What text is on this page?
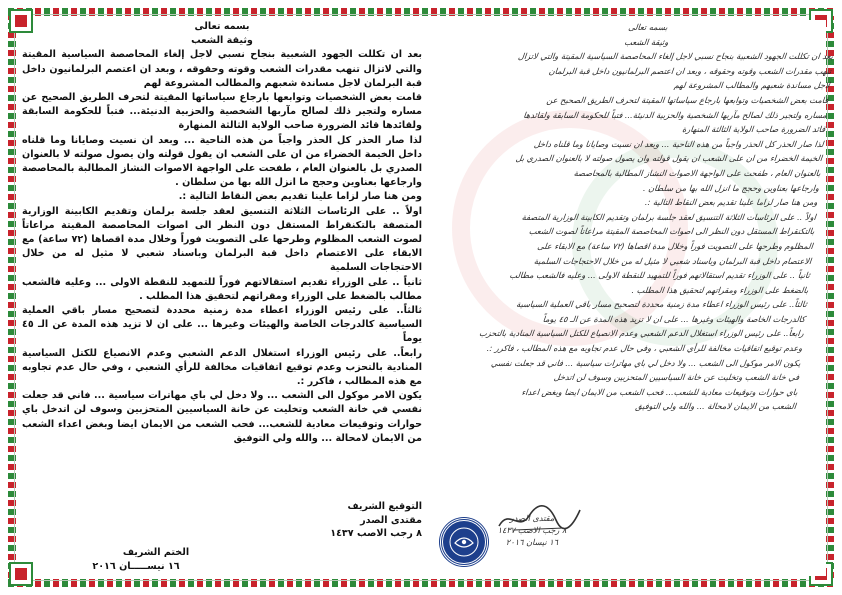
بسمه تعالى

وثيقة الشعب

بعد ان تكللت الجهود الشعبية بنجاح نسبي لاجل إلغاء المحاصصة السياسية المقيتة والتي لاتزال تنهب مقدرات الشعب وقوته وحقوقه ، وبعد ان اعتصم البرلمانيون داخل قبة البرلمان لاجل مساندة شعبهم والمطالب المشروعة لهم

قامت بعض الشخصيات وتوابعها بارجاع سياساتها المقيتة لتحرف الطريق الصحيح عن مساره ولتجير ذلك لصالح مآربها الشخصية والحزبية الدنيئة... فتباً للحكومة السابقة ولقائدها قائد الضرورة صاحب الولاية الثالثة المنهارة

لذا صار الحذر كل الحذر واجباً من هذه الناحية ... وبعد ان نسيت وصايانا وما قلناه داخل الخيمة الخضراء من ان على الشعب ان يقول قولته وان يصول صولته لا بالعنوان الصدري بل بالعنوان العام ، طفحت على الواجهة الاصوات النشاز المطالبة بالمحاصصة وارجاعها بعناوين وحجج ما انزل الله بها من سلطان .

ومن هنا صار لزاما علينا تقديم بعض النقاط التالية :.

اولاً .. على الرئاسات الثلاثة التنسيق لعقد جلسة برلمان وتقديم الكابينة الوزارية المتصفة بالتكنقراط المستقل دون النظر الى اصوات المحاصصة المقيتة مراعاتاً لصوت الشعب المظلوم وطرحها على التصويت فوراً وخلال مدة اقصاها (٧٢ ساعة) مع الابقاء على الاعتصام داخل قبة البرلمان وباسناد شعبي لا مثيل له من خلال الاحتجاجات السلمية

ثانياً .. على الوزراء تقديم استقالاتهم فوراً للتمهيد للنقطة الاولى ... وعليه فالشعب مطالب بالضغط على الوزراء ومقراتهم لتحقيق هذا المطلب .

ثالثاً.. على رئيس الوزراء اعطاء مدة زمنية محددة لتصحيح مسار باقي العملية السياسية كالدرجات الخاصة والهيئات وغيرها ... على ان لا تزيد هذه المدة عن الـ ٤٥ يوماً

رابعاً.. على رئيس الوزراء استغلال الدعم الشعبي وعدم الانصياع للكتل السياسية المنادية بالتحزب وعدم توقيع اتفاقيات مخالفة للرأي الشعبي ، وفي حال عدم تجاوبه مع هذه المطالب ، فاكرر :.

يكون الامر موكول الى الشعب ... ولا دخل لي باي مهاترات سياسية ... فاني قد جعلت نفسي في خانة الشعب وتخليت عن خانة السياسيين المتحزبين وسوف لن اتدخل باي حوارات وتوقيعات معادية للشعب... فحب الشعب من الايمان ايضا وبغض اعداء الشعب من الايمان لامحالة ... والله ولي التوفيق

التوقيع الشريف
مقتدى الصدر
٨ رجب الاصب ١٤٣٧
الختم الشريف
١٦ نيســـــان ٢٠١٦

بسمه تعالى

وثيقة الشعب

بعد ان تكللت الجهود الشعبية بنجاح نسبي لاجل إلغاء المحاصصة السياسية المقيتة والتي لاتزال

تنهب مقدرات الشعب وقوته وحقوقه ، وبعد ان اعتصم البرلمانيون داخل قبة البرلمان

لاجل مساندة شعبهم والمطالب المشروعة لهم

قامت بعض الشخصيات وتوابعها بارجاع سياساتها المقيتة لتحرف الطريق الصحيح عن

مساره ولتجير ذلك لصالح مآربها الشخصية والحزبية الدنيئة... فتباً للحكومة السابقة ولقائدها

قائد الضرورة صاحب الولاية الثالثة المنهارة

لذا صار الحذر كل الحذر واجباً من هذه الناحية ... وبعد ان نسيت وصايانا وما قلناه داخل

الخيمة الخضراء من ان على الشعب ان يقول قولته وان يصول صولته لا بالعنوان الصدري بل

بالعنوان العام ، طفحت على الواجهة الاصوات النشاز المطالبة بالمحاصصة

وارجاعها بعناوين وحجج ما انزل الله بها من سلطان .

ومن هنا صار لزاما علينا تقديم بعض النقاط التالية :.

اولاً .. على الرئاسات الثلاثة التنسيق لعقد جلسة برلمان وتقديم الكابينة الوزارية المتصفة

بالتكنقراط المستقل دون النظر الى اصوات المحاصصة المقيتة مراعاتاً لصوت الشعب

المظلوم وطرحها على التصويت فوراً وخلال مدة اقصاها (٧٢ ساعة) مع الابقاء على

الاعتصام داخل قبة البرلمان وباسناد شعبي لا مثيل له من خلال الاحتجاجات السلمية

ثانياً .. على الوزراء تقديم استقالاتهم فوراً للتمهيد للنقطة الاولى ... وعليه فالشعب مطالب

بالضغط على الوزراء ومقراتهم لتحقيق هذا المطلب .

ثالثاً.. على رئيس الوزراء اعطاء مدة زمنية محددة لتصحيح مسار باقي العملية السياسية

كالدرجات الخاصة والهيئات وغيرها ... على ان لا تزيد هذه المدة عن الـ ٤٥ يوماً

رابعاً.. على رئيس الوزراء استغلال الدعم الشعبي وعدم الانصياع للكتل السياسية المنادية بالتحزب

وعدم توقيع اتفاقيات مخالفة للرأي الشعبي ، وفي حال عدم تجاوبه مع هذه المطالب ، فاكرر :.

يكون الامر موكول الى الشعب ... ولا دخل لي باي مهاترات سياسية ... فاني قد جعلت نفسي

في خانة الشعب وتخليت عن خانة السياسيين المتحزبين وسوف لن اتدخل

باي حوارات وتوقيعات معادية للشعب... فحب الشعب من الايمان ايضا وبغض اعداء

الشعب من الايمان لامحالة ... والله ولي التوفيق

مقتدى الصدر
٨ رجب الاصب ١٤٣٧
١٦ نيسان ٢٠١٦
